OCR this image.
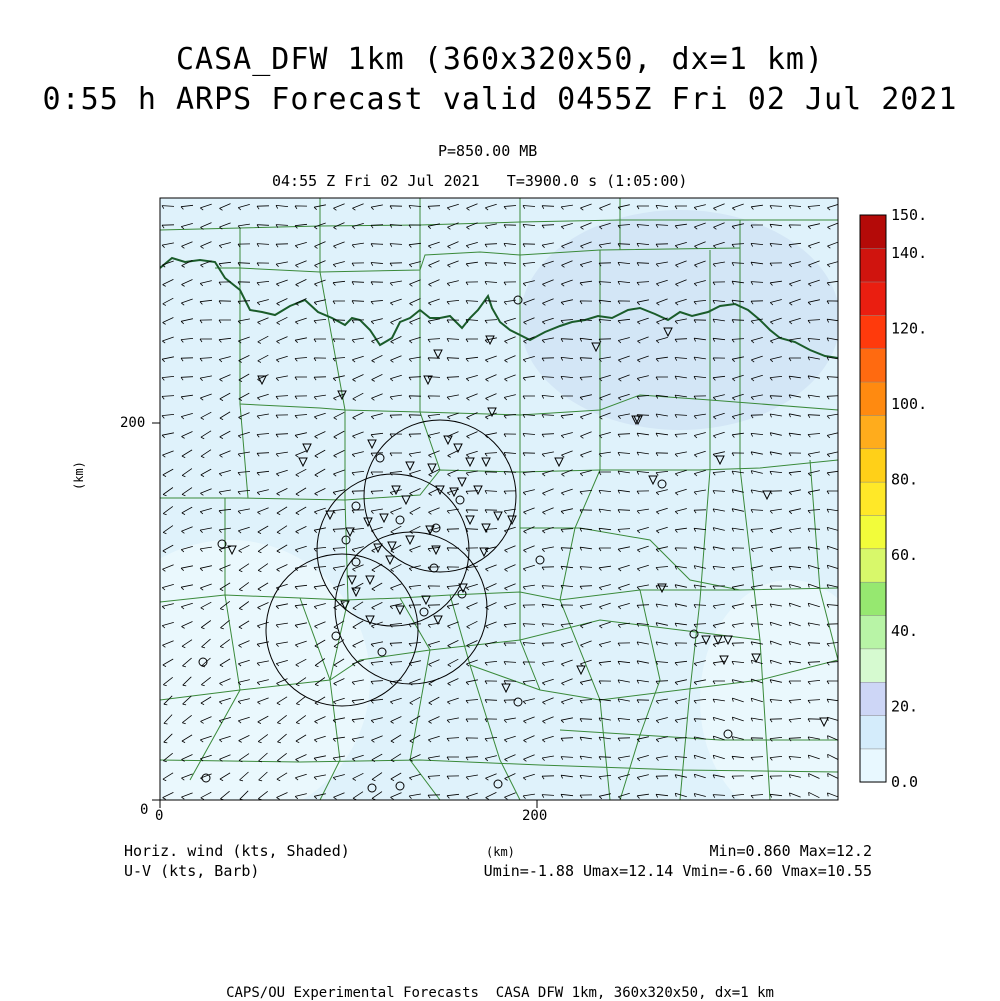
0.0
20.
40.
60.
80.
100.
120.
140.
150.
CASA_DFW 1km (360x320x50, dx=1 km)
0:55 h ARPS Forecast valid 0455Z Fri 02 Jul 2021
P=850.00 MB
04:55 Z Fri 02 Jul 2021   T=3900.0 s (1:05:00)
0
200
0	200
(km)
Horiz. wind (kts, Shaded)
U-V (kts, Barb)
(km)	Min=0.860 Max=12.2
Umin=-1.88 Umax=12.14 Vmin=-6.60 Vmax=10.55
CAPS/OU Experimental Forecasts  CASA DFW 1km, 360x320x50, dx=1 km
